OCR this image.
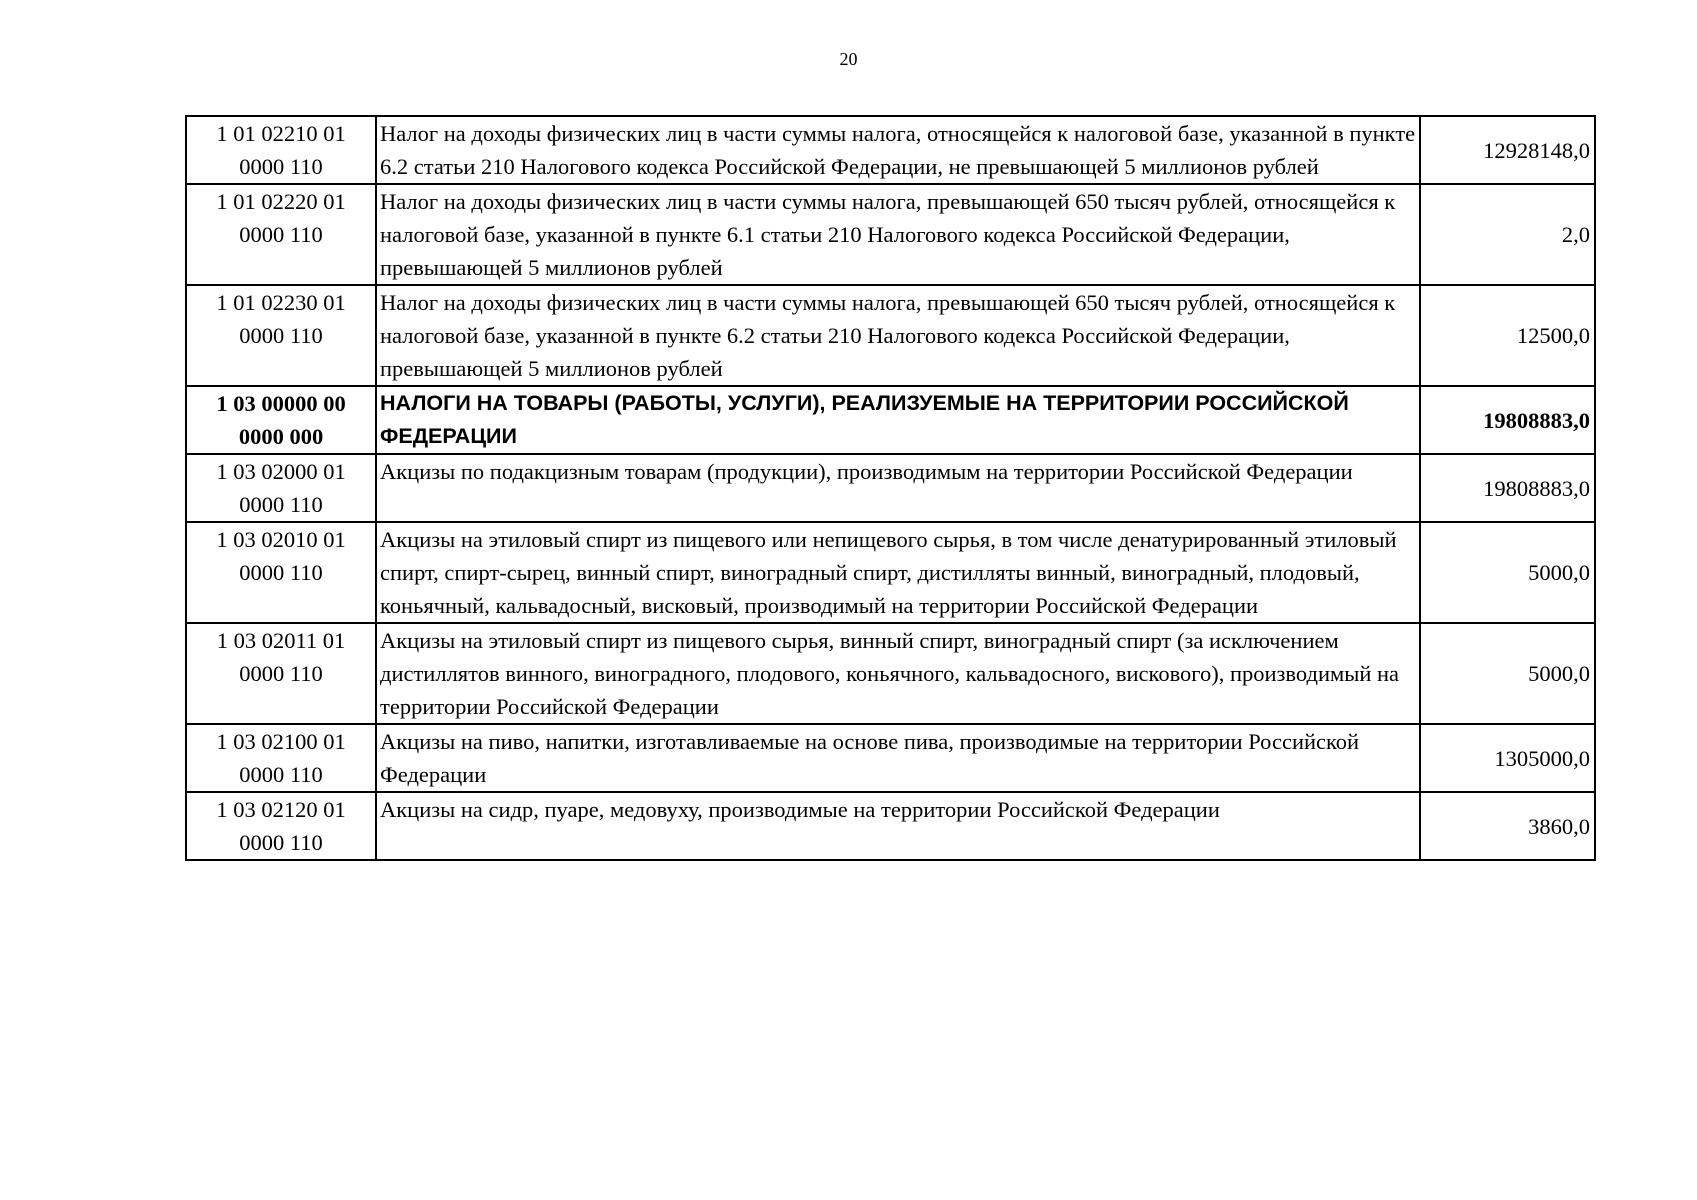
20
1 01 02210 01
0000 110	Налог на доходы физических лиц в части суммы налога, относящейся к налоговой базе, указанной в пункте 6.2 статьи 210 Налогового кодекса Российской Федерации, не превышающей 5 миллионов рублей	12928148,0
1 01 02220 01
0000 110	Налог на доходы физических лиц в части суммы налога, превышающей 650 тысяч рублей, относящейся к налоговой базе, указанной в пункте 6.1 статьи 210 Налогового кодекса Российской Федерации, превышающей 5 миллионов рублей	2,0
1 01 02230 01
0000 110	Налог на доходы физических лиц в части суммы налога, превышающей 650 тысяч рублей, относящейся к налоговой базе, указанной в пункте 6.2 статьи 210 Налогового кодекса Российской Федерации, превышающей 5 миллионов рублей	12500,0
1 03 00000 00
0000 000	НАЛОГИ НА ТОВАРЫ (РАБОТЫ, УСЛУГИ), РЕАЛИЗУЕМЫЕ НА ТЕРРИТОРИИ РОССИЙСКОЙ ФЕДЕРАЦИИ	19808883,0
1 03 02000 01
0000 110	Акцизы по подакцизным товарам (продукции), производимым на территории Российской Федерации	19808883,0
1 03 02010 01
0000 110	Акцизы на этиловый спирт из пищевого или непищевого сырья, в том числе денатурированный этиловый спирт, спирт-сырец, винный спирт, виноградный спирт, дистилляты винный, виноградный, плодовый, коньячный, кальвадосный, висковый, производимый на территории Российской Федерации	5000,0
1 03 02011 01
0000 110	Акцизы на этиловый спирт из пищевого сырья, винный спирт, виноградный спирт (за исключением дистиллятов винного, виноградного, плодового, коньячного, кальвадосного, вискового), производимый на территории Российской Федерации	5000,0
1 03 02100 01
0000 110	Акцизы на пиво, напитки, изготавливаемые на основе пива, производимые на территории Российской Федерации	1305000,0
1 03 02120 01
0000 110	Акцизы на сидр, пуаре, медовуху, производимые на территории Российской Федерации	3860,0
